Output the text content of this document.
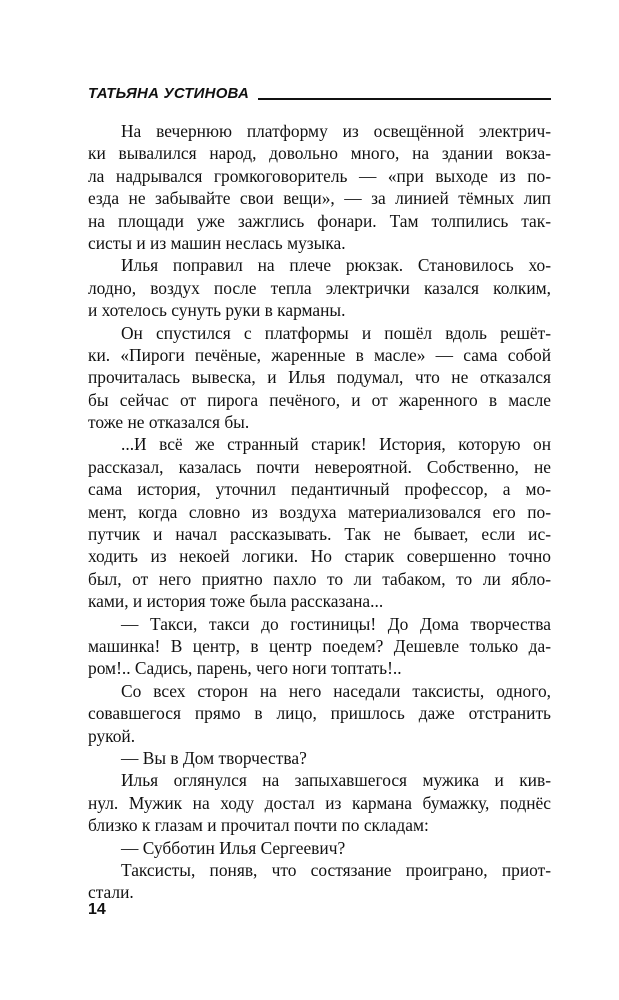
ТАТЬЯНА УСТИНОВА

На вечернюю платформу из освещённой электрич-
ки вывалился народ, довольно много, на здании вокза-
ла надрывался громкоговоритель — «при выходе из по-
езда не забывайте свои вещи», — за линией тёмных лип
на площади уже зажглись фонари. Там толпились так-
систы и из машин неслась музыка.

Илья поправил на плече рюкзак. Становилось хо-
лодно, воздух после тепла электрички казался колким,
и хотелось сунуть руки в карманы.

Он спустился с платформы и пошёл вдоль решёт-
ки. «Пироги печёные, жаренные в масле» — сама собой
прочиталась вывеска, и Илья подумал, что не отказался
бы сейчас от пирога печёного, и от жаренного в масле
тоже не отказался бы.

...И всё же странный старик! История, которую он
рассказал, казалась почти невероятной. Собственно, не
сама история, уточнил педантичный профессор, а мо-
мент, когда словно из воздуха материализовался его по-
путчик и начал рассказывать. Так не бывает, если ис-
ходить из некоей логики. Но старик совершенно точно
был, от него приятно пахло то ли табаком, то ли ябло-
ками, и история тоже была рассказана...

— Такси, такси до гостиницы! До Дома творчества
машинка! В центр, в центр поедем? Дешевле только да-
ром!.. Садись, парень, чего ноги топтать!..

Со всех сторон на него наседали таксисты, одного,
совавшегося прямо в лицо, пришлось даже отстранить
рукой.

— Вы в Дом творчества?

Илья оглянулся на запыхавшегося мужика и кив-
нул. Мужик на ходу достал из кармана бумажку, поднёс
близко к глазам и прочитал почти по складам:

— Субботин Илья Сергеевич?

Таксисты, поняв, что состязание проиграно, приот-
стали.

14
